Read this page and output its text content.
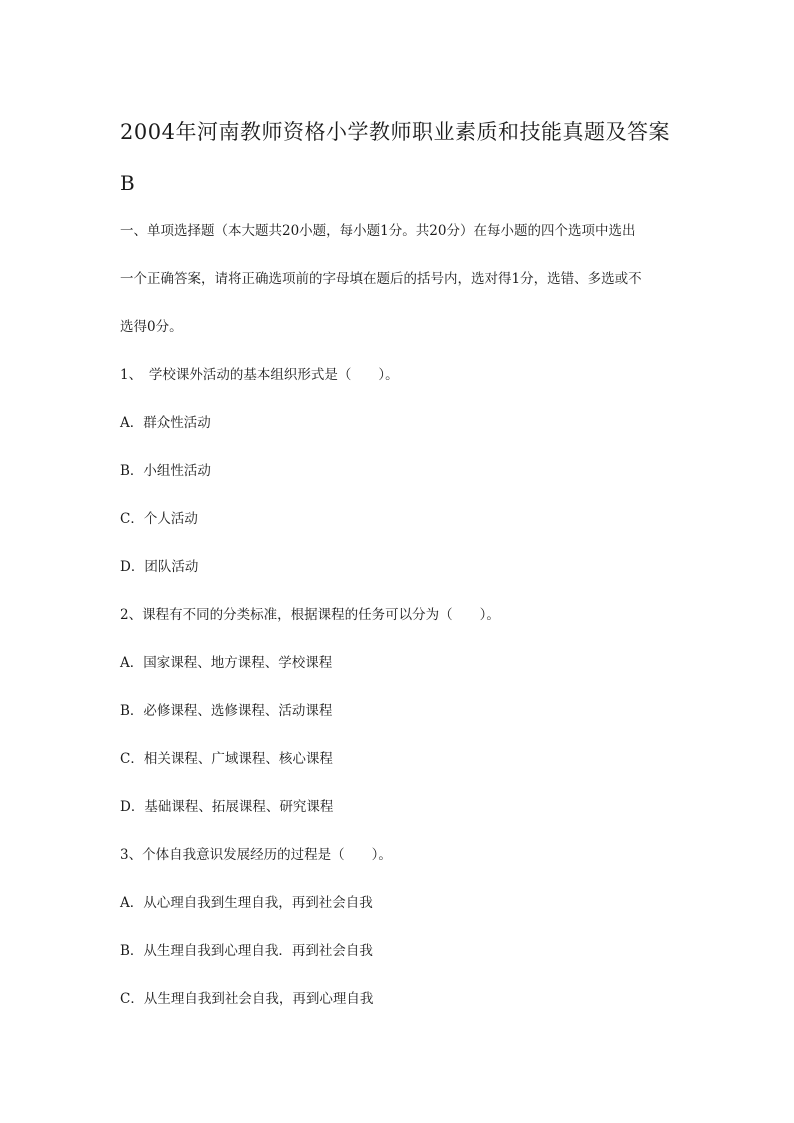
2004年河南教师资格小学教师职业素质和技能真题及答案
B
一、单项选择题（本大题共20小题，每小题1分。共20分）在每小题的四个选项中选出
一个正确答案，请将正确选项前的字母填在题后的括号内，选对得1分，选错、多选或不
选得0分。
1、　学校课外活动的基本组织形式是（　　）。
A．群众性活动
B．小组性活动
C．个人活动
D．团队活动
2、课程有不同的分类标准，根据课程的任务可以分为（　　）。
A．国家课程、地方课程、学校课程
B．必修课程、选修课程、活动课程
C．相关课程、广域课程、核心课程
D．基础课程、拓展课程、研究课程
3、个体自我意识发展经历的过程是（　　）。
A．从心理自我到生理自我，再到社会自我
B．从生理自我到心理自我．再到社会自我
C．从生理自我到社会自我，再到心理自我
